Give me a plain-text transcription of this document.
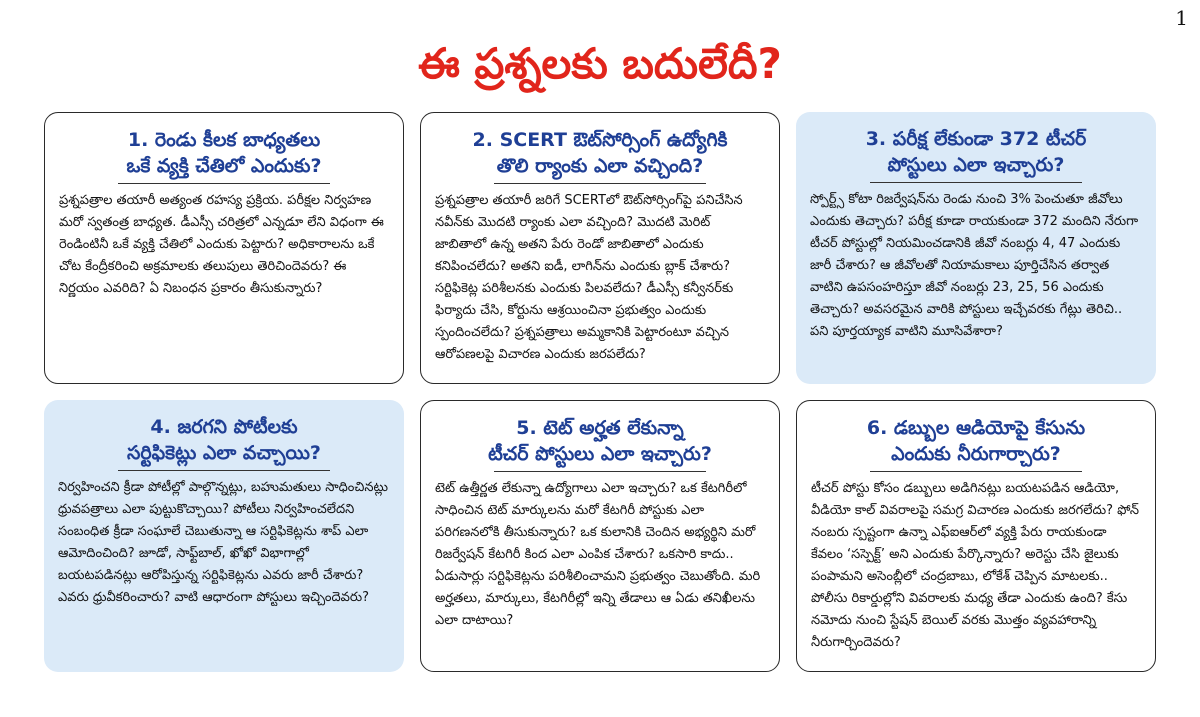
1
ఈ ప్రశ్నలకు బదులేదీ?
1. రెండు కీలక బాధ్యతలు
ఒకే వ్యక్తి చేతిలో ఎందుకు?
ప్రశ్నపత్రాల తయారీ అత్యంత రహస్య ప్రక్రియ. పరీక్షల నిర్వహణ మరో స్వతంత్ర బాధ్యత. డీఎస్సీ చరిత్రలో ఎన్నడూ లేని విధంగా ఈ రెండింటినీ ఒకే వ్యక్తి చేతిలో ఎందుకు పెట్టారు? అధికారాలను ఒకే చోట కేంద్రీకరించి అక్రమాలకు తలుపులు తెరిచిందెవరు? ఈ నిర్ణయం ఎవరిది? ఏ నిబంధన ప్రకారం తీసుకున్నారు?
2. SCERT ఔట్‌సోర్సింగ్ ఉద్యోగికి
తొలి ర్యాంకు ఎలా వచ్చింది?
ప్రశ్నపత్రాల తయారీ జరిగే SCERTలో ఔట్‌సోర్సింగ్‌పై పనిచేసిన నవీన్‌కు మొదటి ర్యాంకు ఎలా వచ్చింది? మొదటి మెరిట్ జాబితాలో ఉన్న అతని పేరు రెండో జాబితాలో ఎందుకు కనిపించలేదు? అతని ఐడీ, లాగిన్‌ను ఎందుకు బ్లాక్ చేశారు? సర్టిఫికెట్ల పరిశీలనకు ఎందుకు పిలవలేదు? డీఎస్సీ కన్వీనర్‌కు ఫిర్యాదు చేసి, కోర్టును ఆశ్రయించినా ప్రభుత్వం ఎందుకు స్పందించలేదు? ప్రశ్నపత్రాలు అమ్మకానికి పెట్టారంటూ వచ్చిన ఆరోపణలపై విచారణ ఎందుకు జరపలేదు?
3. పరీక్ష లేకుండా 372 టీచర్
పోస్టులు ఎలా ఇచ్చారు?
స్పోర్ట్స్ కోటా రిజర్వేషన్‌ను రెండు నుంచి 3% పెంచుతూ జీవోలు ఎందుకు తెచ్చారు? పరీక్ష కూడా రాయకుండా 372 మందిని నేరుగా టీచర్ పోస్టుల్లో నియమించడానికి జీవో నంబర్లు 4, 47 ఎందుకు జారీ చేశారు? ఆ జీవోలతో నియామకాలు పూర్తిచేసిన తర్వాత వాటిని ఉపసంహరిస్తూ జీవో నంబర్లు 23, 25, 56 ఎందుకు తెచ్చారు? అవసరమైన వారికి పోస్టులు ఇచ్చేవరకు గేట్లు తెరిచి.. పని పూర్తయ్యాక వాటిని మూసివేశారా?
4. జరగని పోటీలకు
సర్టిఫికెట్లు ఎలా వచ్చాయి?
నిర్వహించని క్రీడా పోటీల్లో పాల్గొన్నట్లు, బహుమతులు సాధించినట్లు ధ్రువపత్రాలు ఎలా పుట్టుకొచ్చాయి? పోటీలు నిర్వహించలేదని సంబంధిత క్రీడా సంఘాలే చెబుతున్నా ఆ సర్టిఫికెట్లను శాప్ ఎలా ఆమోదించింది? జూడో, సాఫ్ట్‌బాల్, ఖోఖో విభాగాల్లో బయటపడినట్లు ఆరోపిస్తున్న సర్టిఫికెట్లను ఎవరు జారీ చేశారు? ఎవరు ధ్రువీకరించారు? వాటి ఆధారంగా పోస్టులు ఇచ్చిందెవరు?
5. టెట్ అర్హత లేకున్నా
టీచర్ పోస్టులు ఎలా ఇచ్చారు?
టెట్ ఉత్తీర్ణత లేకున్నా ఉద్యోగాలు ఎలా ఇచ్చారు? ఒక కేటగిరీలో సాధించిన టెట్ మార్కులను మరో కేటగిరీ పోస్టుకు ఎలా పరిగణనలోకి తీసుకున్నారు? ఒక కులానికి చెందిన అభ్యర్థిని మరో రిజర్వేషన్ కేటగిరీ కింద ఎలా ఎంపిక చేశారు? ఒకసారి కాదు.. ఏడుసార్లు సర్టిఫికెట్లను పరిశీలించామని ప్రభుత్వం చెబుతోంది. మరి అర్హతలు, మార్కులు, కేటగిరీల్లో ఇన్ని తేడాలు ఆ ఏడు తనిఖీలను ఎలా దాటాయి?
6. డబ్బుల ఆడియోపై కేసును
ఎందుకు నీరుగార్చారు?
టీచర్ పోస్టు కోసం డబ్బులు అడిగినట్లు బయటపడిన ఆడియో, వీడియో కాల్ వివరాలపై సమగ్ర విచారణ ఎందుకు జరగలేదు? ఫోన్ నంబరు స్పష్టంగా ఉన్నా ఎఫ్‌ఐఆర్‌లో వ్యక్తి పేరు రాయకుండా కేవలం ‘సస్పెక్ట్’ అని ఎందుకు పేర్కొన్నారు? అరెస్టు చేసి జైలుకు పంపామని అసెంబ్లీలో చంద్రబాబు, లోకేశ్ చెప్పిన మాటలకు.. పోలీసు రికార్డుల్లోని వివరాలకు మధ్య తేడా ఎందుకు ఉంది? కేసు నమోదు నుంచి స్టేషన్ బెయిల్ వరకు మొత్తం వ్యవహారాన్ని నీరుగార్చిందెవరు?
